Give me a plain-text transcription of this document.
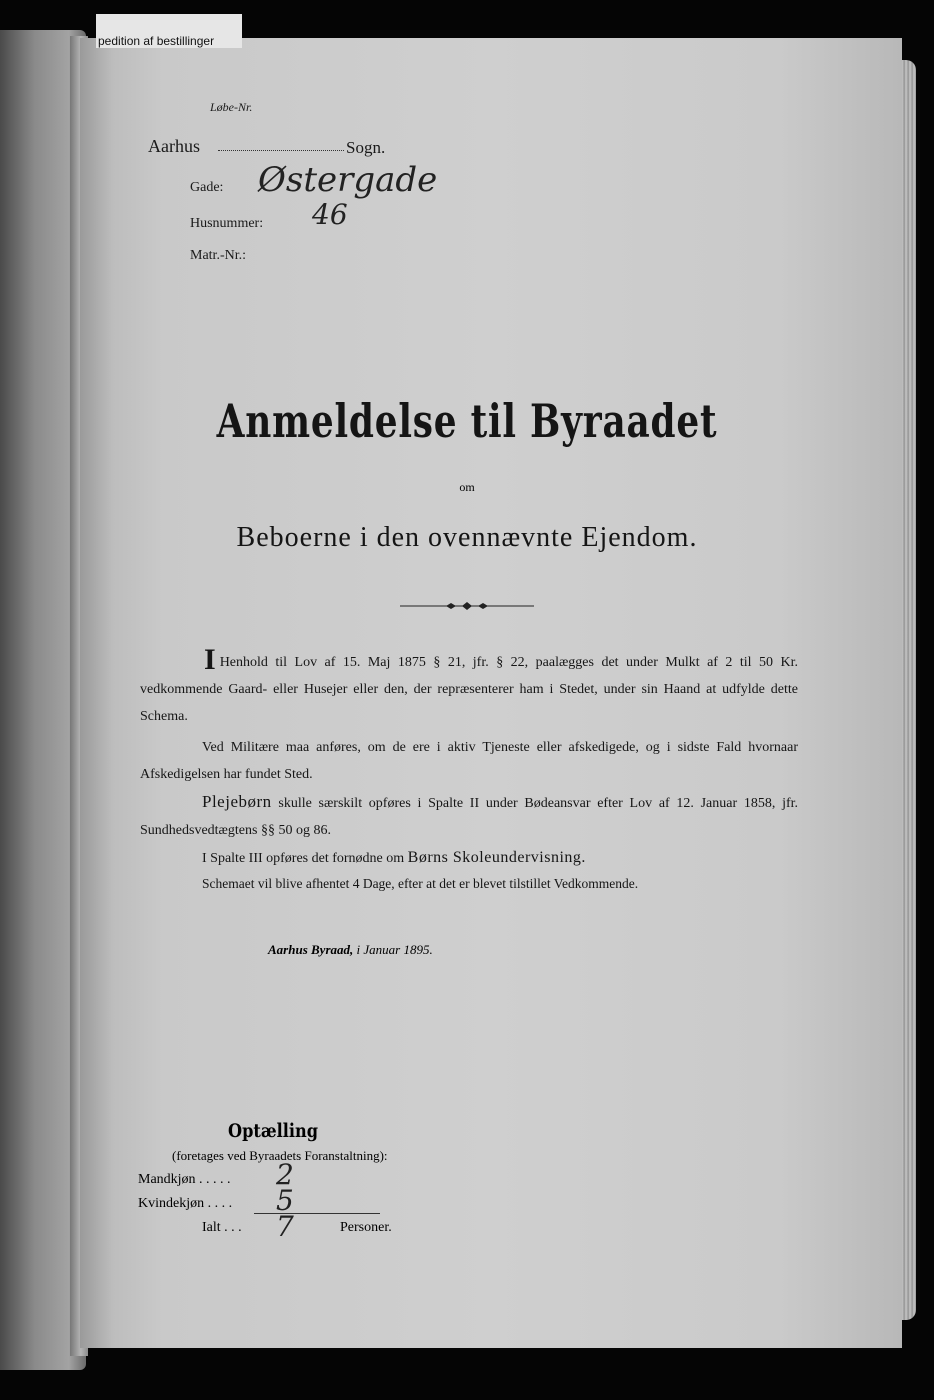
pedition af bestillinger
Løbe-Nr.
Aarhus	Sogn.
Gade: Østergade
Husnummer: 46
Matr.-Nr.:
Anmeldelse til Byraadet
om
Beboerne i den ovennævnte Ejendom.
I Henhold til Lov af 15. Maj 1875 § 21, jfr. § 22, paalægges det under Mulkt af 2 til 50 Kr. vedkommende Gaard- eller Husejer eller den, der repræsenterer ham i Stedet, under sin Haand at udfylde dette Schema.
Ved Militære maa anføres, om de ere i aktiv Tjeneste eller afskedigede, og i sidste Fald hvornaar Afskedigelsen har fundet Sted.
Plejebørn skulle særskilt opføres i Spalte II under Bødeansvar efter Lov af 12. Januar 1858, jfr. Sundhedsvedtægtens §§ 50 og 86.
I Spalte III opføres det fornødne om Børns Skoleundervisning.
Schemaet vil blive afhentet 4 Dage, efter at det er blevet tilstillet Vedkommende.
Aarhus Byraad, i Januar 1895.
Optælling
(foretages ved Byraadets Foranstaltning):
Mandkjøn . . . . . 2
Kvindekjøn . . . . 5
Ialt . . . 7	Personer.
